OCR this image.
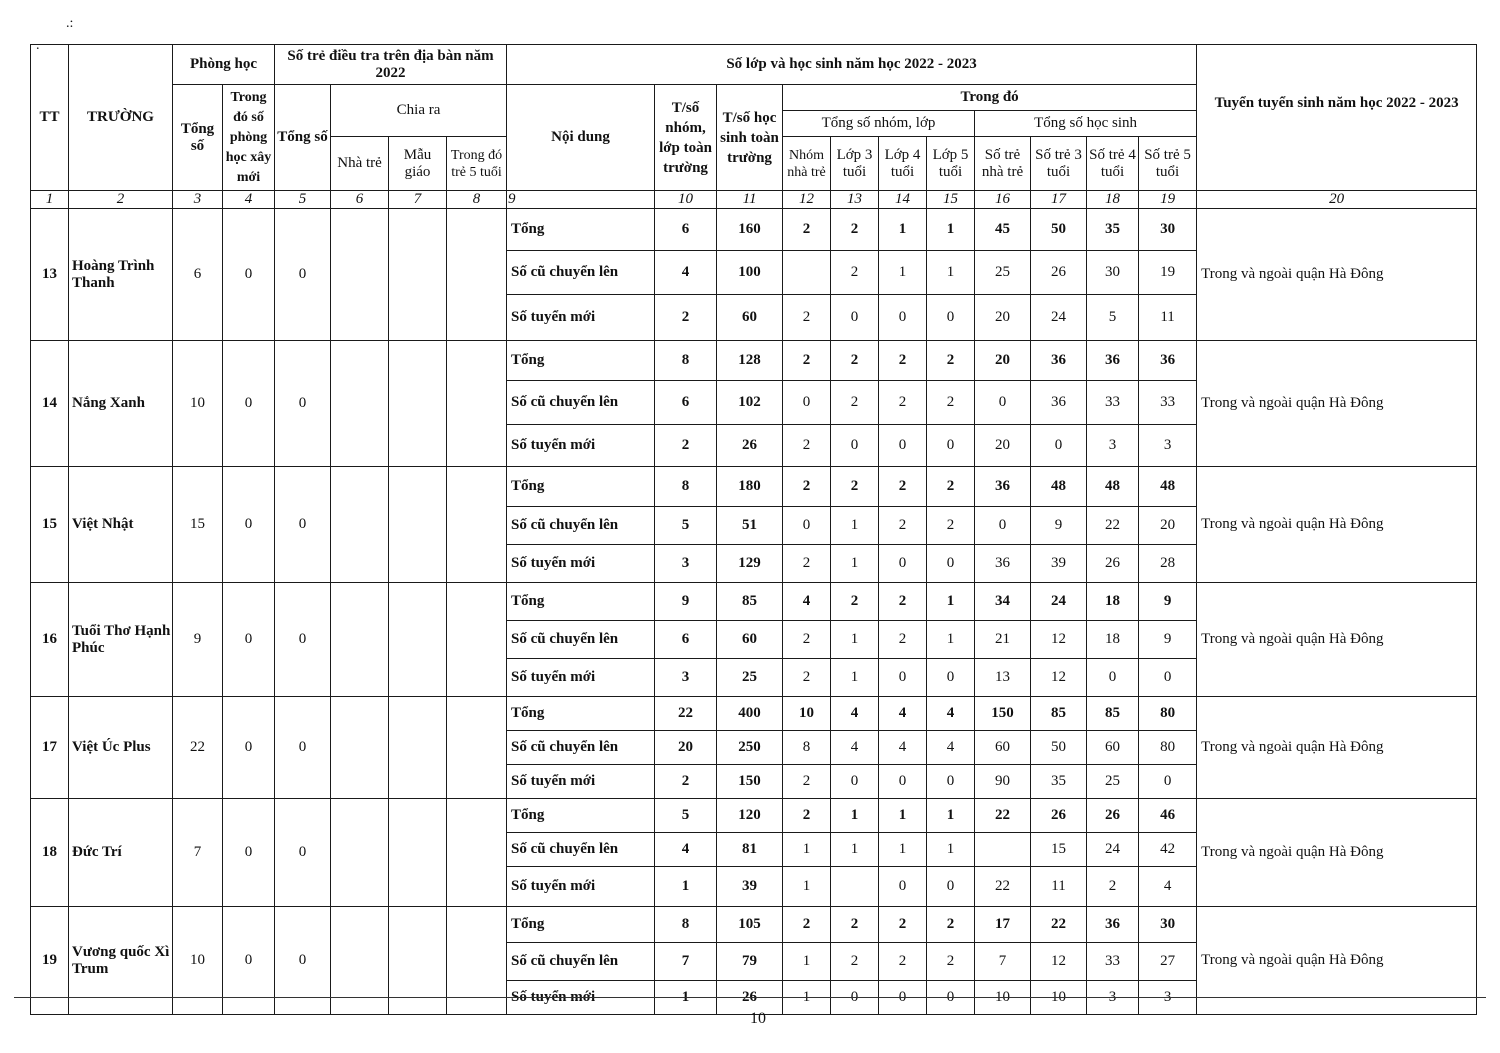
.:
.
TT	TRƯỜNG	Phòng học		Số trẻ điều tra trên địa bàn năm 2022				Số lớp và học sinh năm học 2022 - 2023											Tuyển tuyển sinh năm học 2022 - 2023
		Tổng số	Trong đó số phòng học xây mới	Tổng số	Chia ra			Nội dung	T/số nhóm, lớp toàn trường	T/số học sinh toàn trường	Trong đó								
											Tổng số nhóm, lớp				Tổng số học sinh				
					Nhà trẻ	Mẫu giáo	Trong đó trẻ 5 tuổi				Nhóm nhà trẻ	Lớp 3 tuổi	Lớp 4 tuổi	Lớp 5 tuổi	Số trẻ nhà trẻ	Số trẻ 3 tuổi	Số trẻ 4 tuổi	Số trẻ 5 tuổi	
1	2	3	4	5	6	7	8	9	10	11	12	13	14	15	16	17	18	19	20
13	Hoàng Trình Thanh	6	0	0				Tổng	6	160	2	2	1	1	45	50	35	30	Trong và ngoài quận Hà Đông
								Số cũ chuyển lên	4	100		2	1	1	25	26	30	19	
								Số tuyển mới	2	60	2	0	0	0	20	24	5	11	
14	Nắng Xanh	10	0	0				Tổng	8	128	2	2	2	2	20	36	36	36	Trong và ngoài quận Hà Đông
								Số cũ chuyển lên	6	102	0	2	2	2	0	36	33	33	
								Số tuyển mới	2	26	2	0	0	0	20	0	3	3	
15	Việt Nhật	15	0	0				Tổng	8	180	2	2	2	2	36	48	48	48	Trong và ngoài quận Hà Đông
								Số cũ chuyển lên	5	51	0	1	2	2	0	9	22	20	
								Số tuyển mới	3	129	2	1	0	0	36	39	26	28	
16	Tuổi Thơ Hạnh Phúc	9	0	0				Tổng	9	85	4	2	2	1	34	24	18	9	Trong và ngoài quận Hà Đông
								Số cũ chuyển lên	6	60	2	1	2	1	21	12	18	9	
								Số tuyển mới	3	25	2	1	0	0	13	12	0	0	
17	Việt Úc Plus	22	0	0				Tổng	22	400	10	4	4	4	150	85	85	80	Trong và ngoài quận Hà Đông
								Số cũ chuyển lên	20	250	8	4	4	4	60	50	60	80	
								Số tuyển mới	2	150	2	0	0	0	90	35	25	0	
18	Đức Trí	7	0	0				Tổng	5	120	2	1	1	1	22	26	26	46	Trong và ngoài quận Hà Đông
								Số cũ chuyển lên	4	81	1	1	1	1		15	24	42	
								Số tuyển mới	1	39	1		0	0	22	11	2	4	
19	Vương quốc Xì Trum	10	0	0				Tổng	8	105	2	2	2	2	17	22	36	30	Trong và ngoài quận Hà Đông
								Số cũ chuyển lên	7	79	1	2	2	2	7	12	33	27	
								Số tuyển mới	1	26	1	0	0	0	10	10	3	3	
10
